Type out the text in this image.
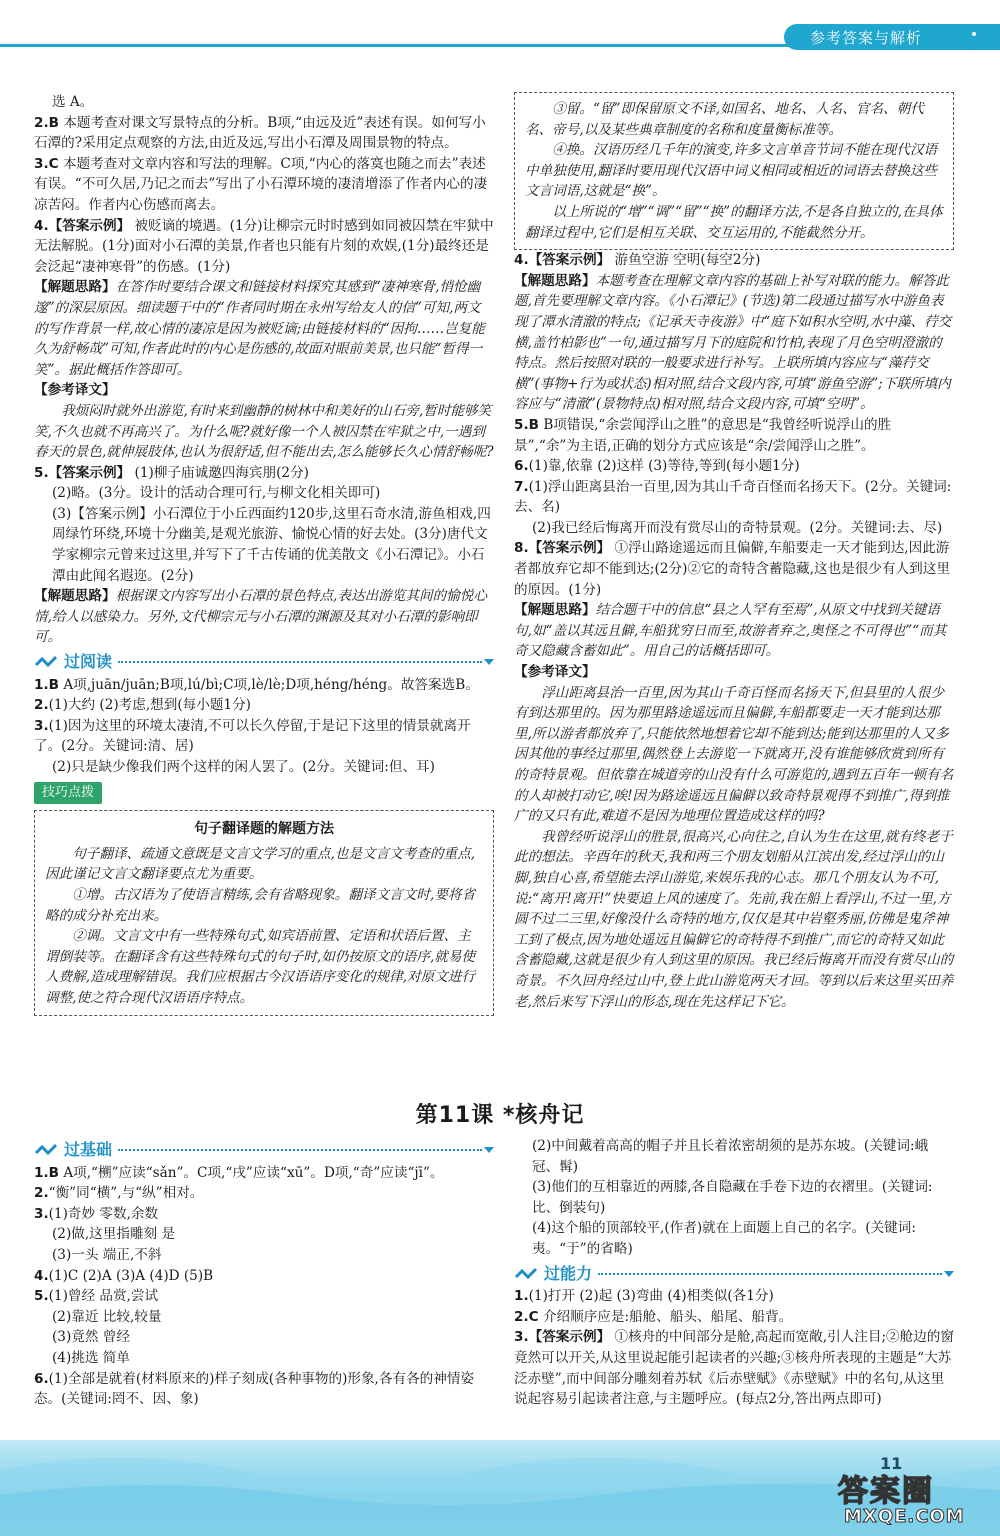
参考答案与解析

选 A。

2.B 本题考查对课文写景特点的分析。B项,“由远及近”表述有误。如何写小石潭的?采用定点观察的方法,由近及远,写出小石潭及周围景物的特点。

3.C 本题考查对文章内容和写法的理解。C项,“内心的落寞也随之而去”表述有误。“不可久居,乃记之而去”写出了小石潭环境的凄清增添了作者内心的凄凉苦闷。作者内心伤感而离去。

4.【答案示例】 被贬谪的境遇。(1分)让柳宗元时时感到如同被囚禁在牢狱中无法解脱。(1分)面对小石潭的美景,作者也只能有片刻的欢娱,(1分)最终还是会泛起“凄神寒骨”的伤感。(1分)

【解题思路】在答作时要结合课文和链接材料探究其感到“凄神寒骨,悄怆幽邃”的深层原因。细读题干中的“作者同时期在永州写给友人的信”可知,两文的写作背景一样,故心情的凄凉是因为被贬谪;由链接材料的“因拘……岂复能久为舒畅哉”可知,作者此时的内心是伤感的,故面对眼前美景,也只能“暂得一笑”。据此概括作答即可。

【参考译文】

我烦闷时就外出游览,有时来到幽静的树林中和美好的山石旁,暂时能够笑笑,不久也就不再高兴了。为什么呢?就好像一个人被囚禁在牢狱之中,一遇到春天的景色,就伸展肢体,也认为很舒适,但不能出去,怎么能够长久心情舒畅呢?

5.【答案示例】 (1)柳子庙诚邀四海宾朋(2分)

(2)略。(3分。设计的活动合理可行,与柳文化相关即可)

(3)【答案示例】小石潭位于小丘西面约120步,这里石奇水清,游鱼相戏,四周绿竹环绕,环境十分幽美,是观光旅游、愉悦心情的好去处。(3分)唐代文学家柳宗元曾来过这里,并写下了千古传诵的优美散文《小石潭记》。小石潭由此闻名遐迩。(2分)

【解题思路】根据课文内容写出小石潭的景色特点,表达出游览其间的愉悦心情,给人以感染力。另外,文代柳宗元与小石潭的渊源及其对小石潭的影响即可。

过阅读

1.B A项,juān/juān;B项,lú/bì;C项,lè/lè;D项,héng/héng。故答案选B。

2.(1)大约 (2)考虑,想到(每小题1分)

3.(1)因为这里的环境太凄清,不可以长久停留,于是记下这里的情景就离开了。(2分。关键词:清、居)

(2)只是缺少像我们两个这样的闲人罢了。(2分。关键词:但、耳)

技巧点拨
句子翻译题的解题方法

句子翻译、疏通文意既是文言文学习的重点,也是文言文考查的重点,因此谨记文言文翻译要点尤为重要。

①增。古汉语为了使语言精练,会有省略现象。翻译文言文时,要将省略的成分补充出来。

②调。文言文中有一些特殊句式,如宾语前置、定语和状语后置、主谓倒装等。在翻译含有这些特殊句式的句子时,如仍按原文的语序,就易使人费解,造成理解错误。我们应根据古今汉语语序变化的规律,对原文进行调整,使之符合现代汉语语序特点。

③留。“留”即保留原文不译,如国名、地名、人名、官名、朝代名、帝号,以及某些典章制度的名称和度量衡标准等。

④换。汉语历经几千年的演变,许多文言单音节词不能在现代汉语中单独使用,翻译时要用现代汉语中词义相同或相近的词语去替换这些文言词语,这就是“换”。

以上所说的“增”“调”“留”“换”的翻译方法,不是各自独立的,在具体翻译过程中,它们是相互关联、交互运用的,不能截然分开。

4.【答案示例】 游鱼空游 空明(每空2分)

【解题思路】本题考查在理解文章内容的基础上补写对联的能力。解答此题,首先要理解文章内容。《小石潭记》(节选)第二段通过描写水中游鱼表现了潭水清澈的特点;《记承天寺夜游》中“庭下如积水空明,水中藻、荇交横,盖竹柏影也”一句,通过描写月下的庭院和竹柏,表现了月色空明澄澈的特点。然后按照对联的一般要求进行补写。上联所填内容应与“藻荇交横”(事物+行为或状态)相对照,结合文段内容,可填“游鱼空游”;下联所填内容应与“清澈”(景物特点)相对照,结合文段内容,可填“空明”。

5.B B项错误,“余尝闻浮山之胜”的意思是“我曾经听说浮山的胜景”,“余”为主语,正确的划分方式应该是“余/尝闻浮山之胜”。

6.(1)靠,依靠 (2)这样 (3)等待,等到(每小题1分)

7.(1)浮山距离县治一百里,因为其山千奇百怪而名扬天下。(2分。关键词:去、名)

(2)我已经后悔离开而没有赏尽山的奇特景观。(2分。关键词:去、尽)

8.【答案示例】 ①浮山路途遥远而且偏僻,车船要走一天才能到达,因此游者都放弃它却不能到达;(2分)②它的奇特含蓄隐藏,这也是很少有人到这里的原因。(1分)

【解题思路】结合题干中的信息“县之人罕有至焉”,从原文中找到关键语句,如“盖以其远且僻,车船犹穷日而至,故游者弃之,奥怪之不可得也”“而其奇又隐藏含蓄如此”。用自己的话概括即可。

【参考译文】

浮山距离县治一百里,因为其山千奇百怪而名扬天下,但县里的人很少有到达那里的。因为那里路途遥远而且偏僻,车船都要走一天才能到达那里,所以游者都放弃了,只能依然地想着它却不能到达;能到达那里的人又多因其他的事经过那里,偶然登上去游览一下就离开,没有谁能够欣赏到所有的奇特景观。但依靠在城道旁的山没有什么可游览的,遇到五百年一顿有名的人却被打动它,唉!因为路途遥远且偏僻以致奇特景观得不到推广,得到推广的又只有此,难道不是因为地理位置造成这样的吗?

我曾经听说浮山的胜景,很高兴,心向往之,自认为生在这里,就有终老于此的想法。辛酉年的秋天,我和两三个朋友划船从江滨出发,经过浮山的山脚,独自心喜,希望能去浮山游览,来娱乐我的心志。那几个朋友认为不可,说:“离开!离开!”快要追上风的速度了。先前,我在船上看浮山,不过一里,方圆不过二三里,好像没什么奇特的地方,仅仅是其中岩壑秀丽,仿佛是鬼斧神工到了极点,因为地处遥远且偏僻它的奇特得不到推广,而它的奇特又如此含蓄隐藏,这就是很少有人到这里的原因。我已经后悔离开而没有赏尽山的奇景。不久回舟经过山中,登上此山游览两天才回。等到以后来这里买田养老,然后来写下浮山的形态,现在先这样记下它。

第11课 *核舟记
过基础

1.B A项,“㮶”应读“sǎn”。C项,“戌”应读“xū”。D项,“奇”应读“jī”。

2.“衡”同“横”,与“纵”相对。

3.(1)奇妙 零数,余数

(2)做,这里指雕刻 是

(3)一头 端正,不斜

4.(1)C (2)A (3)A (4)D (5)B

5.(1)曾经 品赏,尝试

(2)靠近 比较,较量

(3)竟然 曾经

(4)挑选 简单

6.(1)全部是就着(材料原来的)样子刻成(各种事物的)形象,各有各的神情姿态。(关键词:罔不、因、象)

(2)中间戴着高高的帽子并且长着浓密胡须的是苏东坡。(关键词:峨冠、髯)

(3)他们的互相靠近的两膝,各自隐藏在手卷下边的衣褶里。(关键词:比、倒装句)

(4)这个船的顶部较平,(作者)就在上面题上自己的名字。(关键词:夷。“于”的省略)

过能力

1.(1)打开 (2)起 (3)弯曲 (4)相类似(各1分)

2.C 介绍顺序应是:船舱、船头、船尾、船背。

3.【答案示例】 ①核舟的中间部分是舱,高起而宽敞,引人注目;②舱边的窗竟然可以开关,从这里说起能引起读者的兴趣;③核舟所表现的主题是“大苏泛赤壁”,而中间部分雕刻着苏轼《后赤壁赋》《赤壁赋》中的名句,从这里说起容易引起读者注意,与主题呼应。(每点2分,答出两点即可)

11
答案圈
MXQE.COM
